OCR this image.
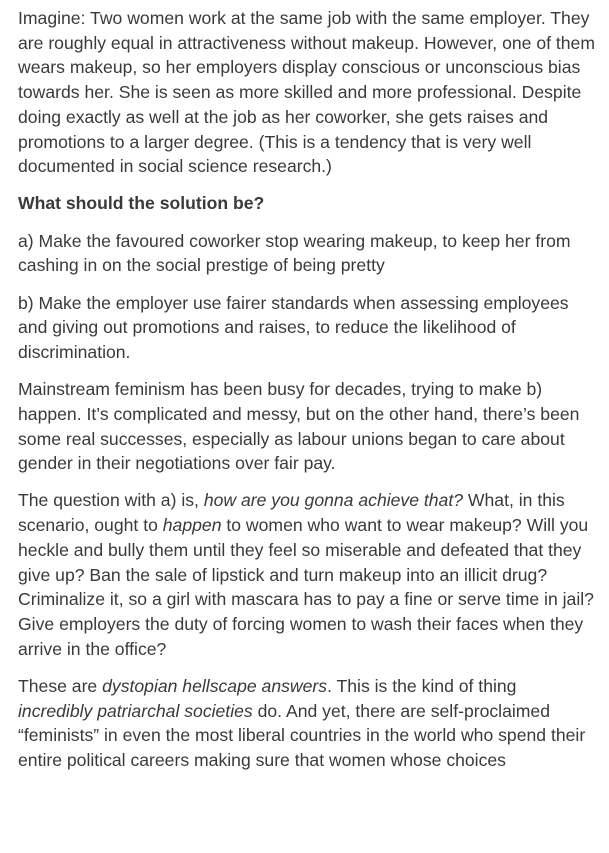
Imagine: Two women work at the same job with the same employer. They are roughly equal in attractiveness without makeup. However, one of them wears makeup, so her employers display conscious or unconscious bias towards her. She is seen as more skilled and more professional. Despite doing exactly as well at the job as her coworker, she gets raises and promotions to a larger degree. (This is a tendency that is very well documented in social science research.)

What should the solution be?

a) Make the favoured coworker stop wearing makeup, to keep her from cashing in on the social prestige of being pretty

b) Make the employer use fairer standards when assessing employees and giving out promotions and raises, to reduce the likelihood of discrimination.

Mainstream feminism has been busy for decades, trying to make b) happen. It’s complicated and messy, but on the other hand, there’s been some real successes, especially as labour unions began to care about gender in their negotiations over fair pay.

The question with a) is, how are you gonna achieve that? What, in this scenario, ought to happen to women who want to wear makeup? Will you heckle and bully them until they feel so miserable and defeated that they give up? Ban the sale of lipstick and turn makeup into an illicit drug? Criminalize it, so a girl with mascara has to pay a fine or serve time in jail? Give employers the duty of forcing women to wash their faces when they arrive in the office?

These are dystopian hellscape answers. This is the kind of thing incredibly patriarchal societies do. And yet, there are self-proclaimed “feminists” in even the most liberal countries in the world who spend their entire political careers making sure that women whose choices
